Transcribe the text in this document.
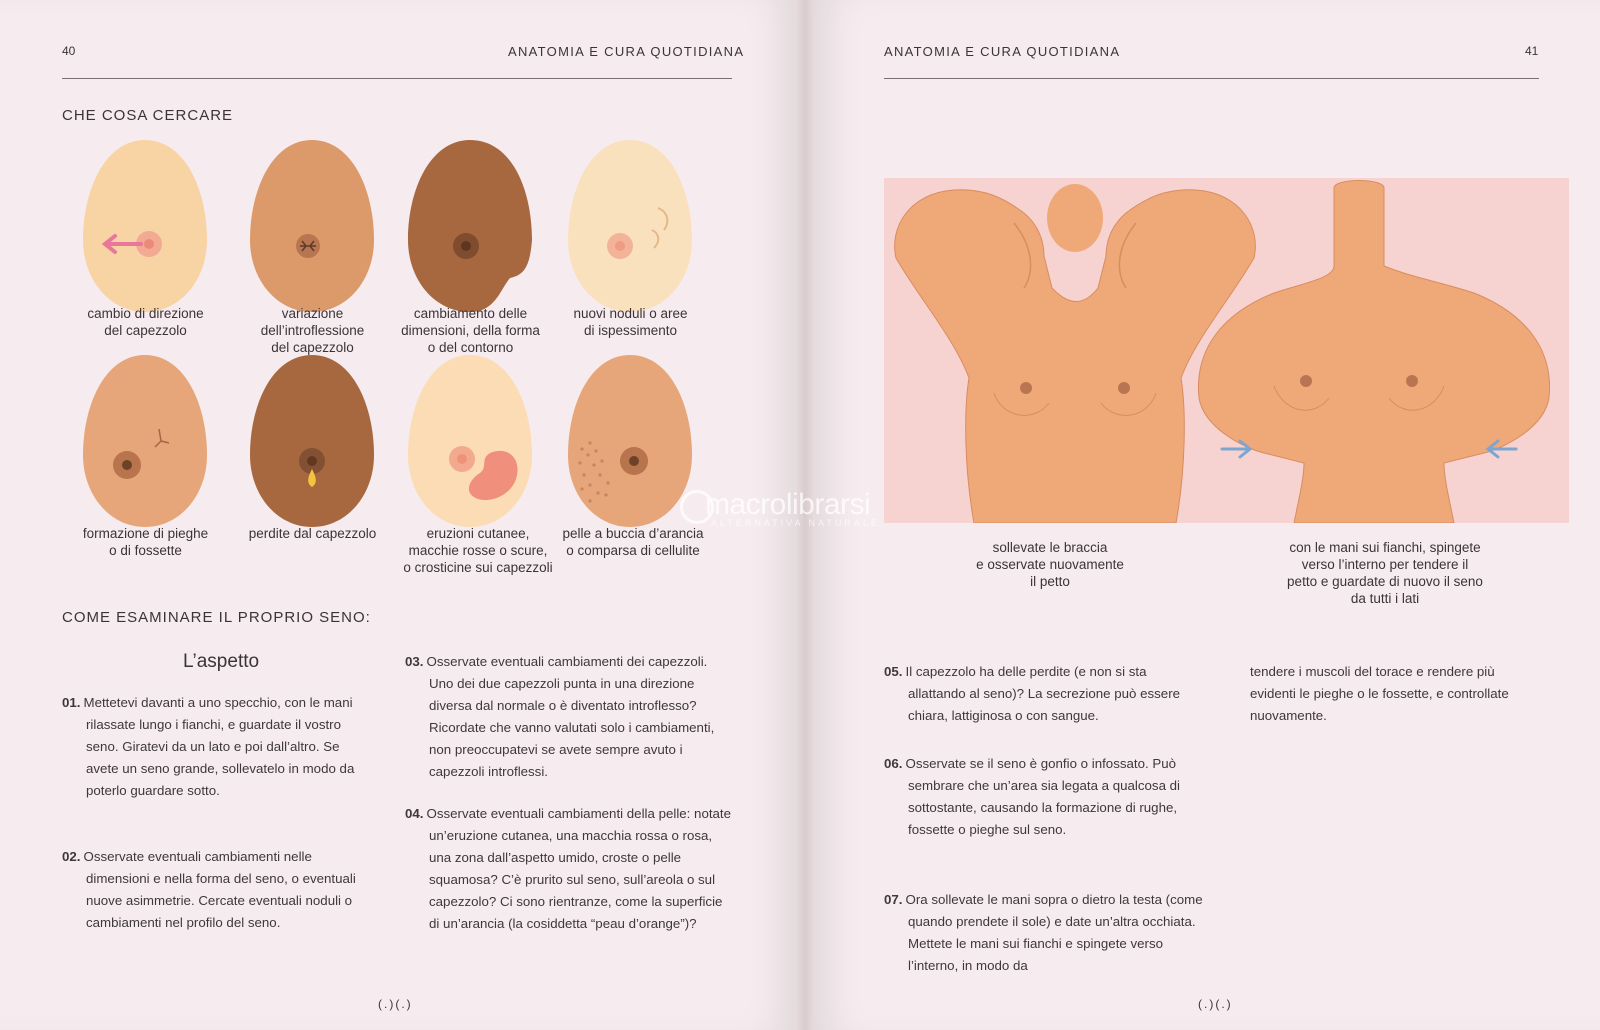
40	ANATOMIA E CURA QUOTIDIANA
CHE COSA CERCARE
cambio di direzione
del capezzolo
variazione
dell’introflessione
del capezzolo
cambiamento delle
dimensioni, della forma
o del contorno
nuovi noduli o aree
di ispessimento
formazione di pieghe
o di fossette
perdite dal capezzolo	eruzioni cutanee,
macchie rosse o scure,
o crosticine sui capezzoli
pelle a buccia d’arancia
o comparsa di cellulite
COME ESAMINARE IL PROPRIO SENO:
L’aspetto
01. Mettetevi davanti a uno specchio, con le mani rilassate lungo i fianchi, e guardate il vostro seno. Giratevi da un lato e poi dall’altro. Se avete un seno grande, sollevatelo in modo da poterlo guardare sotto.
02. Osservate eventuali cambiamenti nelle dimensioni e nella forma del seno, o eventuali nuove asimmetrie. Cercate eventuali noduli o cambiamenti nel profilo del seno.
03. Osservate eventuali cambiamenti dei capezzoli. Uno dei due capezzoli punta in una direzione diversa dal normale o è diventato introflesso? Ricordate che vanno valutati solo i cambiamenti, non preoccupatevi se avete sempre avuto i capezzoli introflessi.
04. Osservate eventuali cambiamenti della pelle: notate un’eruzione cutanea, una macchia rossa o rosa, una zona dall’aspetto umido, croste o pelle squamosa? C’è prurito sul seno, sull’areola o sul capezzolo? Ci sono rientranze, come la superficie di un’arancia (la cosiddetta “peau d’orange”)?
(.)(.)
ANATOMIA E CURA QUOTIDIANA	41
sollevate le braccia
e osservate nuovamente
il petto
con le mani sui fianchi, spingete
verso l’interno per tendere il
petto e guardate di nuovo il seno
da tutti i lati
05. Il capezzolo ha delle perdite (e non si sta allattando al seno)? La secrezione può essere chiara, lattiginosa o con sangue.
06. Osservate se il seno è gonfio o infossato. Può sembrare che un’area sia legata a qualcosa di sottostante, causando la formazione di rughe, fossette o pieghe sul seno.
07. Ora sollevate le mani sopra o dietro la testa (come quando prendete il sole) e date un’altra occhiata. Mettete le mani sui fianchi e spingete verso l’interno, in modo da
tendere i muscoli del torace e rendere più evidenti le pieghe o le fossette, e controllate nuovamente.
(.)(.)
macrolibrarsi
ALTERNATIVA NATURALE
